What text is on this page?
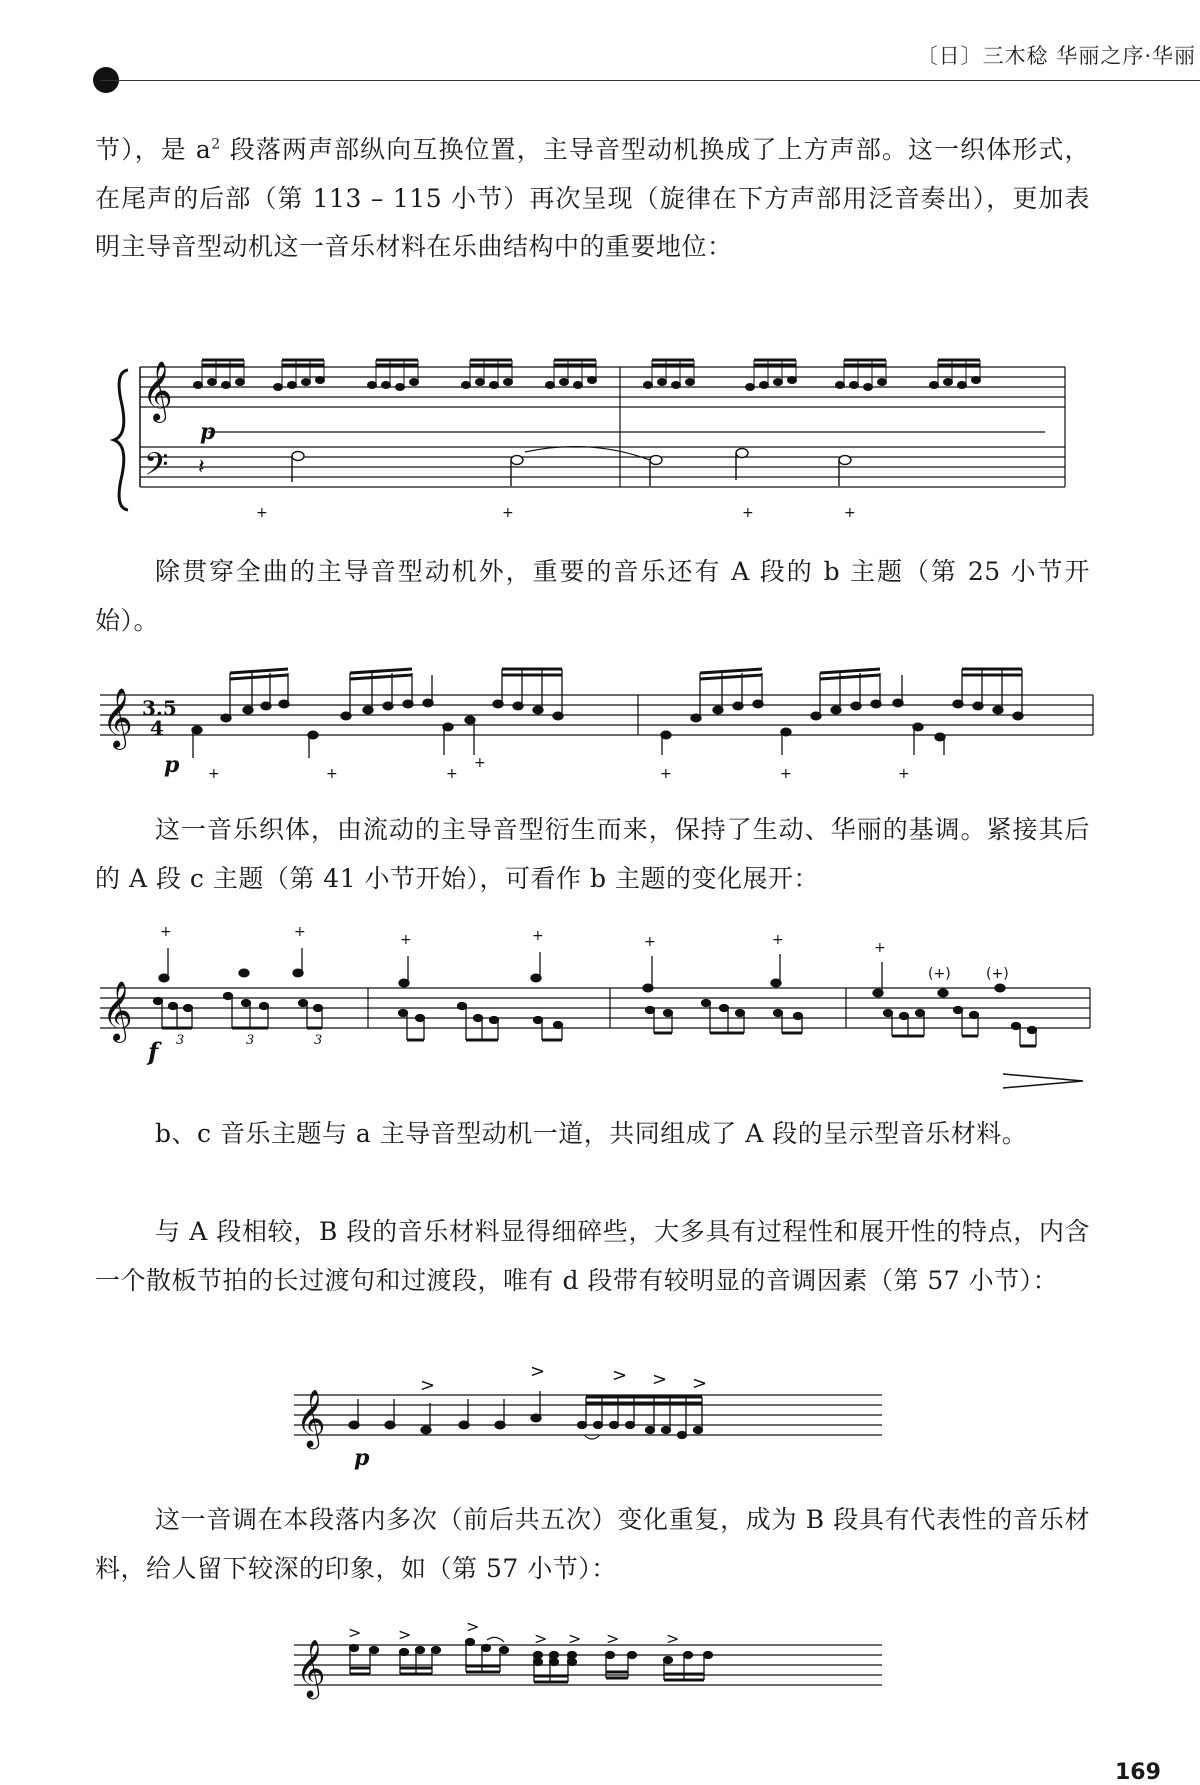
〔日〕三木稔 华丽之序·华丽

节），是 $a^2$ 段落两声部纵向互换位置，主导音型动机换成了上方声部。这一织体形式，在尾声的后部（第 113 – 115 小节）再次呈现（旋律在下方声部用泛音奏出），更加表明主导音型动机这一音乐材料在乐曲结构中的重要地位：

𝄞
𝄢
p
𝄽
+	+	+	+

除贯穿全曲的主导音型动机外，重要的音乐还有 A 段的 b 主题（第 25 小节开始）。

𝄞 3.5
4
p +	+	+
+
+	+	+

这一音乐织体，由流动的主导音型衍生而来，保持了生动、华丽的基调。紧接其后的 A 段 c 主题（第 41 小节开始），可看作 b 主题的变化展开：

𝄞
+	+	+	+	+	+	+
(+)	(+)
3	3	3
f

b、c 音乐主题与 a 主导音型动机一道，共同组成了 A 段的呈示型音乐材料。

与 A 段相较，B 段的音乐材料显得细碎些，大多具有过程性和展开性的特点，内含一个散板节拍的长过渡句和过渡段，唯有 d 段带有较明显的音调因素（第 57 小节）：

𝄞
>
>	> > >
p

这一音调在本段落内多次（前后共五次）变化重复，成为 B 段具有代表性的音乐材料，给人留下较深的印象，如（第 57 小节）：

𝄞
> >	>
> > >	>
169
